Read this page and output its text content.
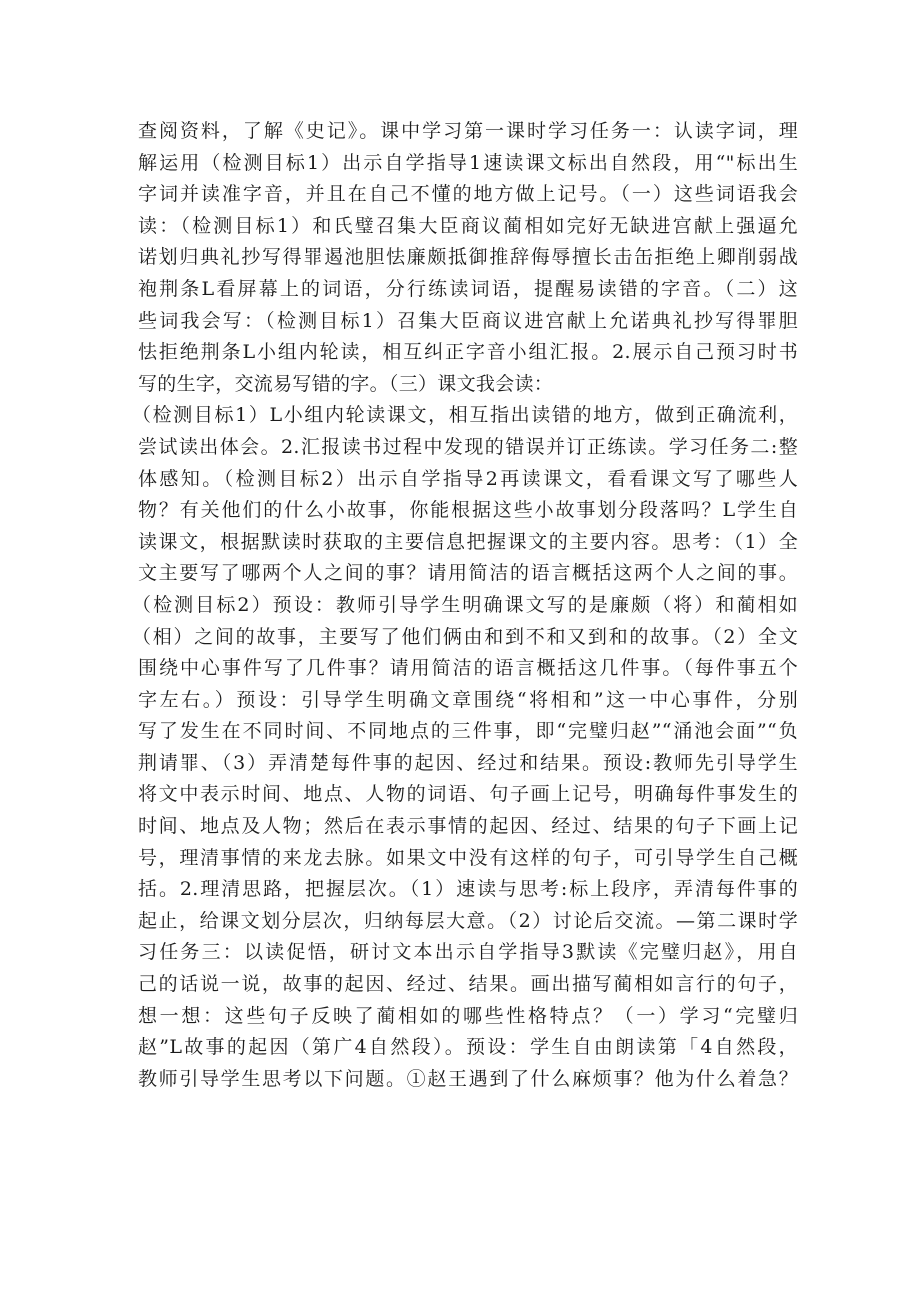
查阅资料，了解《史记》。课中学习第一课时学习任务一：认读字词，理
解运用（检测目标1）出示自学指导1速读课文标出自然段，用“"标出生
字词并读准字音，并且在自己不懂的地方做上记号。（一）这些词语我会
读：（检测目标1）和氏璧召集大臣商议蔺相如完好无缺进宫献上强逼允
诺划归典礼抄写得罪遏池胆怯廉颇抵御推辞侮辱擅长击缶拒绝上卿削弱战
袍荆条L看屏幕上的词语，分行练读词语，提醒易读错的字音。（二）这
些词我会写：（检测目标1）召集大臣商议进宫献上允诺典礼抄写得罪胆
怯拒绝荆条L小组内轮读，相互纠正字音小组汇报。2.展示自己预习时书
写的生字，交流易写错的字。（三）课文我会读：
（检测目标1）L小组内轮读课文，相互指出读错的地方，做到正确流利，
尝试读出体会。2.汇报读书过程中发现的错误并订正练读。学习任务二:整
体感知。（检测目标2）出示自学指导2再读课文，看看课文写了哪些人
物？有关他们的什么小故事，你能根据这些小故事划分段落吗？L学生自
读课文，根据默读时获取的主要信息把握课文的主要内容。思考：（1）全
文主要写了哪两个人之间的事？请用简洁的语言概括这两个人之间的事。
（检测目标2）预设：教师引导学生明确课文写的是廉颇（将）和蔺相如
（相）之间的故事，主要写了他们俩由和到不和又到和的故事。（2）全文
围绕中心事件写了几件事？请用简洁的语言概括这几件事。（每件事五个
字左右。）预设：引导学生明确文章围绕“将相和”这一中心事件，分别
写了发生在不同时间、不同地点的三件事，即“完璧归赵”“涌池会面”“负
荆请罪、（3）弄清楚每件事的起因、经过和结果。预设:教师先引导学生
将文中表示时间、地点、人物的词语、句子画上记号，明确每件事发生的
时间、地点及人物；然后在表示事情的起因、经过、结果的句子下画上记
号，理清事情的来龙去脉。如果文中没有这样的句子，可引导学生自己概
括。2.理清思路，把握层次。（1）速读与思考:标上段序，弄清每件事的
起止，给课文划分层次，归纳每层大意。（2）讨论后交流。—第二课时学
习任务三：以读促悟，研讨文本出示自学指导3默读《完璧归赵》，用自
己的话说一说，故事的起因、经过、结果。画出描写蔺相如言行的句子，
想一想：这些句子反映了蔺相如的哪些性格特点？（一）学习“完璧归
赵”L故事的起因（第广4自然段）。预设：学生自由朗读第「4自然段，
教师引导学生思考以下问题。①赵王遇到了什么麻烦事？他为什么着急？
